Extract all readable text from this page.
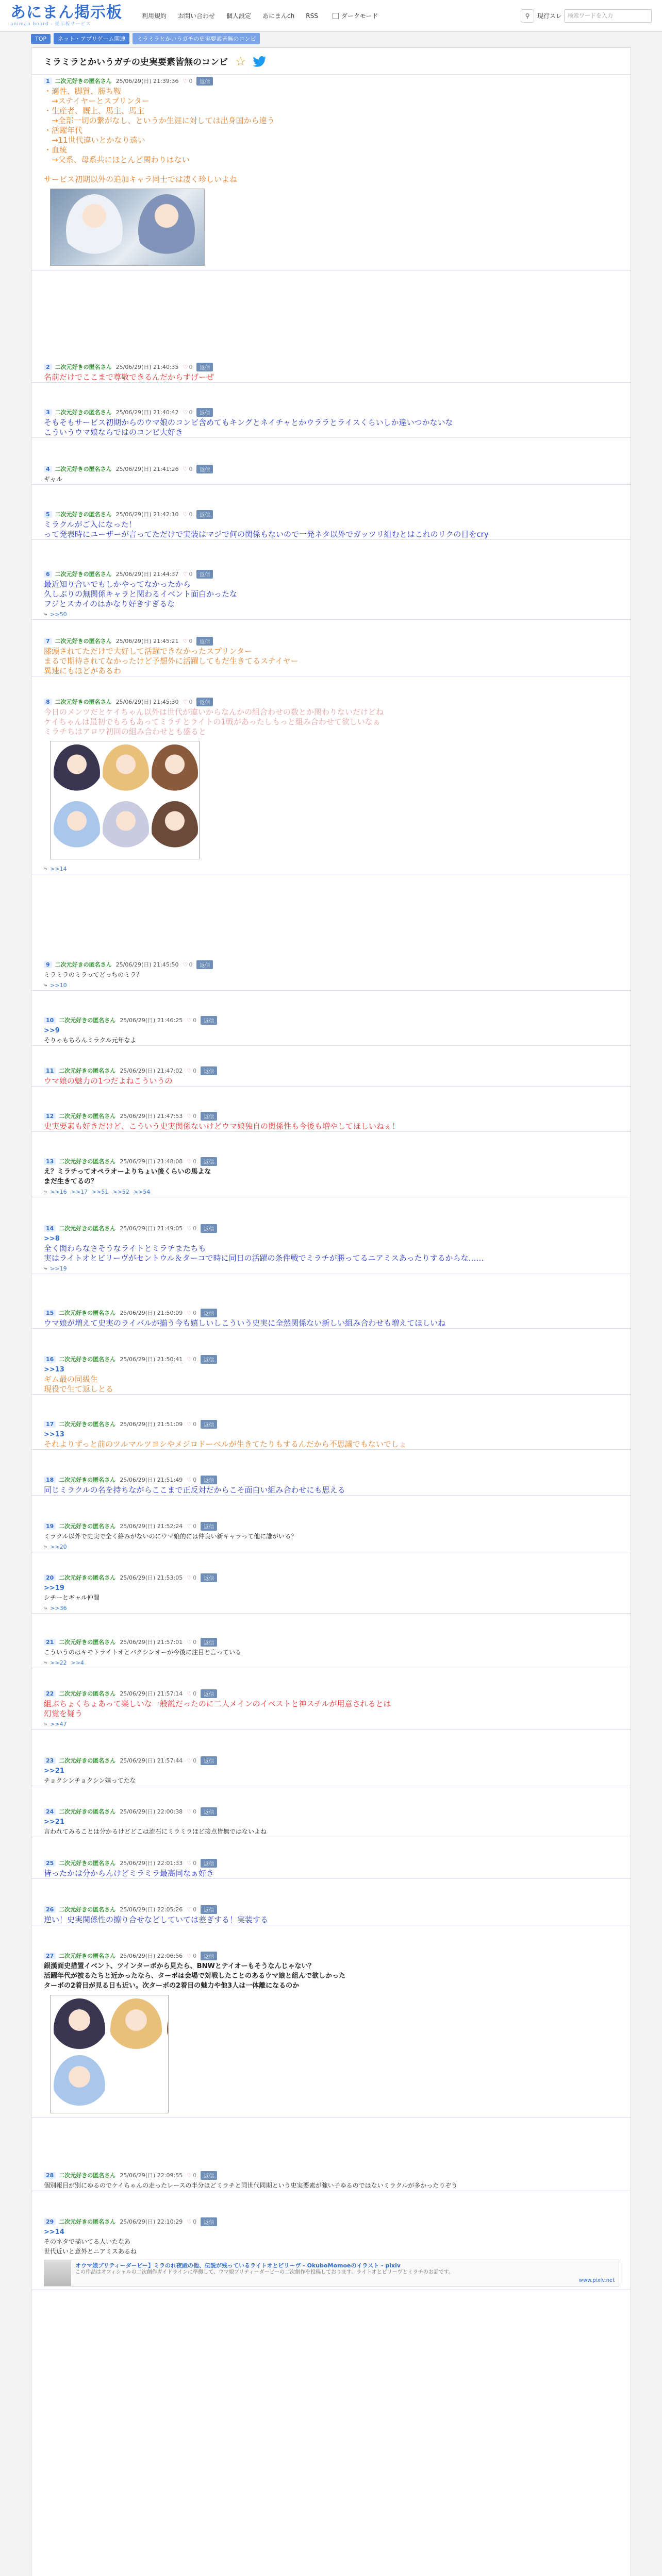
あにまん掲示板
animan board - 掲示板サービス
利用規約 お問い合わせ 個人設定 あにまんch RSS	ダークモード	⚲	現行スレ	検索ワードを入力
TOP	ネット・アプリゲーム関連	ミラミラとかいうガチの史実要素皆無のコンビ
ミラミラとかいうガチの史実要素皆無のコンビ ☆
1 二次元好きの匿名さん 25/06/29(日) 21:39:36 ♡ 0	返信
・適性、脚質、勝ち鞍
　→ステイヤーとスプリンター
・生産者、厩上、馬主、馬主
　→全部一切の繋がなし、というか生涯に対しては出身国から違う
・活躍年代
　→11世代違いとかなり遠い
・血統
　→父系、母系共にほとんど関わりはない
サービス初期以外の追加キャラ同士では凄く珍しいよね
2 二次元好きの匿名さん 25/06/29(日) 21:40:35 ♡ 0	返信
名前だけでここまで尊敬できるんだからすげーぜ
3 二次元好きの匿名さん 25/06/29(日) 21:40:42 ♡ 0	返信
そもそもサービス初期からのウマ娘のコンビ含めてもキングとネイチャとかウララとライスくらいしか違いつかないな
こういうウマ娘ならではのコンビ大好き
4 二次元好きの匿名さん 25/06/29(日) 21:41:26 ♡ 0	返信
ギャル
5 二次元好きの匿名さん 25/06/29(日) 21:42:10 ♡ 0	返信
ミラクルがご入になった！
って発表時にユーザーが言ってただけで実装はマジで何の関係もないので一発ネタ以外でガッツリ組むとはこれのリクの目をcry
6 二次元好きの匿名さん 25/06/29(日) 21:44:37 ♡ 0	返信
最近知り合いでもしかやってなかったから
久しぶりの無関係キャラと関わるイベント面白かったな
フジとスカイのはかなり好きすぎるな
⤷ >>50
7 二次元好きの匿名さん 25/06/29(日) 21:45:21 ♡ 0	返信
膝頭されてただけで大好して活躍できなかったスプリンター
まるで期待されてなかったけど予想外に活躍してもだ生きてるステイヤー
異速にもほどがあるわ
8 二次元好きの匿名さん 25/06/29(日) 21:45:30 ♡ 0	返信
今日のメンツだとケイちゃん以外は世代が違いからなんかの組合わせの数とか関わりないだけどね
ケイちゃんは最初でもろもあってミラチとライトの1戦があったしもっと組み合わせて欲しいなぁ
ミラチちはアロワ初回の組み合わせとも盛ると
⤷ >>14
9 二次元好きの匿名さん 25/06/29(日) 21:45:50 ♡ 0	返信
ミラミラのミラってどっちのミラ？
⤷ >>10
10 二次元好きの匿名さん 25/06/29(日) 21:46:25 ♡ 0	返信
>>9
そりゃもちろんミラクル元年なよ
11 二次元好きの匿名さん 25/06/29(日) 21:47:02 ♡ 0	返信
ウマ娘の魅力の1つだよねこういうの
12 二次元好きの匿名さん 25/06/29(日) 21:47:53 ♡ 0	返信
史実要素も好きだけど、こういう史実関係ないけどウマ娘独自の関係性も今後も増やしてほしいねぇ！
13 二次元好きの匿名さん 25/06/29(日) 21:48:08 ♡ 0	返信
え？ミラチってオペラオーよりちょい後くらいの馬よな
まだ生きてるの？
⤷ >>16 >>17 >>51 >>52 >>54
14 二次元好きの匿名さん 25/06/29(日) 21:49:05 ♡ 0	返信
>>8
全く関わらなさそうなライトとミラチまたちも
実はライトオとビリーヴがセントウル＆ターコで時に同日の活躍の条件戦でミラチが勝ってるニアミスあったりするからな……
⤷ >>19
15 二次元好きの匿名さん 25/06/29(日) 21:50:09 ♡ 0	返信
ウマ娘が増えて史実のライバルが揃う今も嬉しいしこういう史実に全然関係ない新しい組み合わせも増えてほしいね
16 二次元好きの匿名さん 25/06/29(日) 21:50:41 ♡ 0	返信
>>13
ギム最の同級生
現役で生て返しとる
17 二次元好きの匿名さん 25/06/29(日) 21:51:09 ♡ 0	返信
>>13
それよりずっと前のツルマルツヨシやメジロドーベルが生きてたりもするんだから不思議でもないでしょ
18 二次元好きの匿名さん 25/06/29(日) 21:51:49 ♡ 0	返信
同じミラクルの名を持ちながらここまで正反対だからこそ面白い組み合わせにも思える
19 二次元好きの匿名さん 25/06/29(日) 21:52:24 ♡ 0	返信
ミラクル以外で史実で全く絡みがないのにウマ娘的には仲良い新キャラって他に誰がいる？
⤷ >>20
20 二次元好きの匿名さん 25/06/29(日) 21:53:05 ♡ 0	返信
>>19
シチーとギャル仲間
⤷ >>36
21 二次元好きの匿名さん 25/06/29(日) 21:57:01 ♡ 0	返信
こういうのはキモトライトオとバクシンオーが今後に注目と言っている
⤷ >>22 >>4
22 二次元好きの匿名さん 25/06/29(日) 21:57:14 ♡ 0	返信
組ぶちょくちょあって楽しいな一般説だったのに二人メインのイベストと神スチルが用意されるとは
幻覚を疑う
⤷ >>47
23 二次元好きの匿名さん 25/06/29(日) 21:57:44 ♡ 0	返信
>>21
チョクシンチョクシン嬉ってたな
24 二次元好きの匿名さん 25/06/29(日) 22:00:38 ♡ 0	返信
>>21
言われてみることは分かるけどどこは流石にミラミラほど接点皆無ではないよね
25 二次元好きの匿名さん 25/06/29(日) 22:01:33 ♡ 0	返信
皆ったかは分からんけどミラミラ最高同なぁ好き
26 二次元好きの匿名さん 25/06/29(日) 22:05:26 ♡ 0	返信
逆い！史実関係性の擦り合せなどしていては差ぎする！実装する
27 二次元好きの匿名さん 25/06/29(日) 22:06:56 ♡ 0	返信
銀漢面史措置イベント、ツインターボから見たら、BNWとテイオーもそうなんじゃない？
活躍年代が被るたちと近かったなら、ターボは会場で対戦したことのあるウマ娘と組んで欲しかった
ターボの2着目が見る日も近い。次ターボの2着目の魅力や他3人は一体離になるのか
28 二次元好きの匿名さん 25/06/29(日) 22:09:55 ♡ 0	返信
個別報目が別にゆるのでケイちゃんの走ったレースの半分ほどミラチと同世代同期という史実要素が強い子ゆるのではないミラクルが多かったりぞう
29 二次元好きの匿名さん 25/06/29(日) 22:10:29 ♡ 0	返信
>>14
そのネタで描いてる人いたなあ
世代近いと意外とニアミスあるね
オウマ娘プリティーダービー】ミラのれ夜殿の他、伝説が残っているライトオとビリーヴ - OkuboMomoeのイラスト - pixiv
この作品はオフィシャルの二次創作ガイドラインに準拠して、ウマ娘プリティーダービーの二次創作を投稿しております。ライトオとビリーヴとミラチのお話です。
www.pixiv.net
